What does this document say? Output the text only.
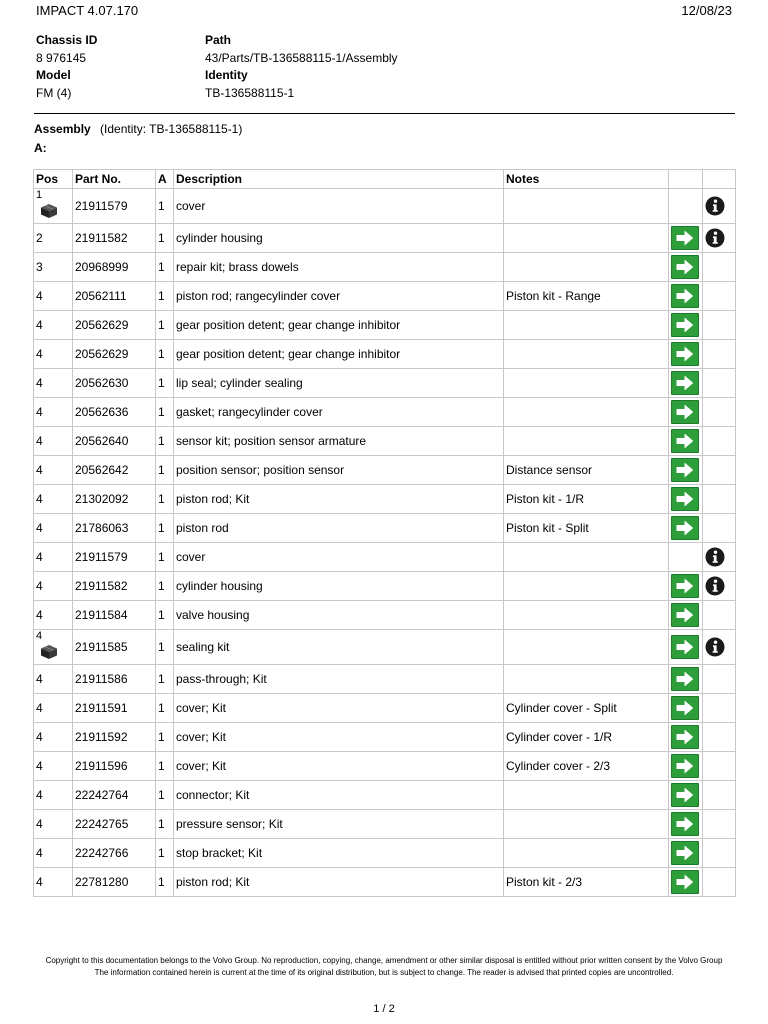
IMPACT 4.07.170	12/08/23
Chassis ID
8 976145
Model
FM (4)
Path
43/Parts/TB-136588115-1/Assembly
Identity
TB-136588115-1
Assembly (Identity: TB-136588115-1)
A:
Pos	Part No.	A	Description	Notes		

1	21911579	1	cover			
2	21911582	1	cylinder housing		

3	20968999	1	repair kit; brass dowels		

4	20562111	1	piston rod; rangecylinder cover	Piston kit - Range	

4	20562629	1	gear position detent; gear change inhibitor		

4	20562629	1	gear position detent; gear change inhibitor		

4	20562630	1	lip seal; cylinder sealing		

4	20562636	1	gasket; rangecylinder cover		

4	20562640	1	sensor kit; position sensor armature		

4	20562642	1	position sensor; position sensor	Distance sensor	

4	21302092	1	piston rod; Kit	Piston kit - 1/R	

4	21786063	1	piston rod	Piston kit - Split	

4	21911579	1	cover			
4	21911582	1	cylinder housing		

4	21911584	1	valve housing		

4	21911585	1	sealing kit		

4	21911586	1	pass-through; Kit		

4	21911591	1	cover; Kit	Cylinder cover - Split	

4	21911592	1	cover; Kit	Cylinder cover - 1/R	

4	21911596	1	cover; Kit	Cylinder cover - 2/3	

4	22242764	1	connector; Kit		

4	22242765	1	pressure sensor; Kit		

4	22242766	1	stop bracket; Kit		

4	22781280	1	piston rod; Kit	Piston kit - 2/3	

Copyright to this documentation belongs to the Volvo Group. No reproduction, copying, change, amendment or other similar disposal is entitled without prior written consent by the Volvo Group
The information contained herein is current at the time of its original distribution, but is subject to change. The reader is advised that printed copies are uncontrolled.
1 / 2
